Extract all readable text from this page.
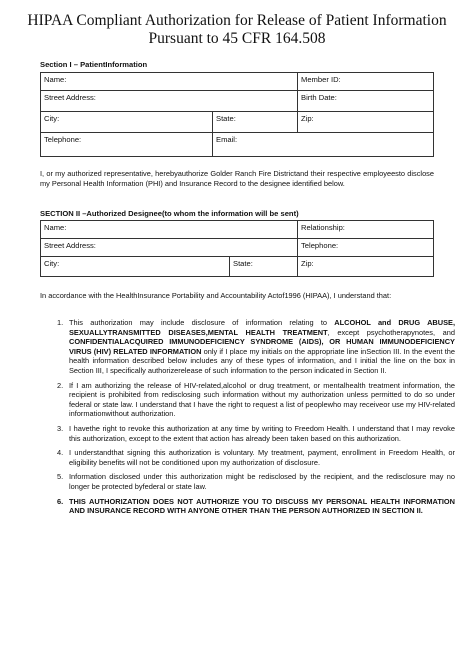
HIPAA Compliant Authorization for Release of Patient Information
Pursuant to 45 CFR 164.508
Section I – PatientInformation
Name:	Member ID:
Street Address:	Birth Date:
City:	State:	Zip:
Telephone:	Email:
I, or my authorized representative, herebyauthorize Golder Ranch Fire Districtand their respective employeesto disclose my Personal Health Information (PHI) and Insurance Record to the designee identified below.
SECTION II –Authorized Designee(to whom the information will be sent)
Name:	Relationship:
Street Address:	Telephone:
City:	State:	Zip:
In accordance with the HealthInsurance Portability and Accountability Actof1996 (HIPAA), I understand that:
1. This authorization may include disclosure of information relating to ALCOHOL and DRUG ABUSE, SEXUALLYTRANSMITTED DISEASES,MENTAL HEALTH TREATMENT, except psychotherapynotes, and CONFIDENTIALACQUIRED IMMUNODEFICIENCY SYNDROME (AIDS), OR HUMAN IMMUNODEFICIENCY VIRUS (HIV) RELATED INFORMATION only if I place my initials on the appropriate line inSection III. In the event the health information described below includes any of these types of information, and I initial the line on the box in Section III, I specifically authorizerelease of such information to the person indicated in Section II.
2. If I am authorizing the release of HIV-related,alcohol or drug treatment, or mentalhealth treatment information, the recipient is prohibited from redisclosing such information without my authorization unless permitted to do so under federal or state law. I understand that I have the right to request a list of peoplewho may receiveor use my HIV-related informationwithout authorization.
3. I havethe right to revoke this authorization at any time by writing to Freedom Health. I understand that I may revoke this authorization, except to the extent that action has already been taken based on this authorization.
4. I understandthat signing this authorization is voluntary. My treatment, payment, enrollment in Freedom Health, or eligibility benefits will not be conditioned upon my authorization of disclosure.
5. Information disclosed under this authorization might be redisclosed by the recipient, and the redisclosure may no longer be protected byfederal or state law.
6. THIS AUTHORIZATION DOES NOT AUTHORIZE YOU TO DISCUSS MY PERSONAL HEALTH INFORMATION AND INSURANCE RECORD WITH ANYONE OTHER THAN THE PERSON AUTHORIZED IN SECTION II.
